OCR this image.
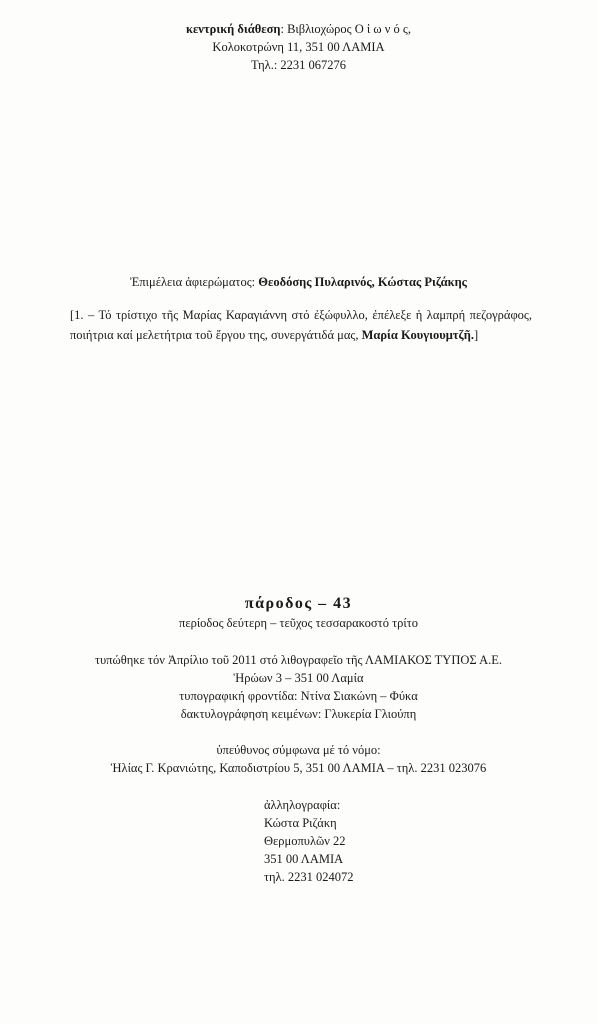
κεντρική διάθεση: Βιβλιοχώρος Ο ἰ ω ν ό ς,
Κολοκοτρώνη 11, 351 00 ΛΑΜΙΑ
Τηλ.: 2231 067276
Ἐπιμέλεια ἀφιερώματος: Θεοδόσης Πυλαρινός, Κώστας Ριζάκης
[1. – Τό τρίστιχο τῆς Μαρίας Καραγιάννη στό ἐξώφυλλο, ἐπέλεξε ἡ λαμπρή πεζογράφος, ποιήτρια καί μελετήτρια τοῦ ἔργου της, συνεργάτιδά μας, Μαρία Κουγιουμτζῆ.]
πάροδος – 43
περίοδος δεύτερη – τεῦχος τεσσαρακοστό τρίτο
τυπώθηκε τόν Ἀπρίλιο τοῦ 2011 στό λιθογραφεῖο τῆς ΛΑΜΙΑΚΟΣ ΤΥΠΟΣ Α.Ε.
Ἡρώων 3 – 351 00 Λαμία
τυπογραφική φροντίδα: Ντίνα Σιακώνη – Φύκα
δακτυλογράφηση κειμένων: Γλυκερία Γλιούπη
ὑπεύθυνος σύμφωνα μέ τό νόμο:
Ἠλίας Γ. Κρανιώτης, Καποδιστρίου 5, 351 00 ΛΑΜΙΑ – τηλ. 2231 023076
ἀλληλογραφία:
Κώστα Ριζάκη
Θερμοπυλῶν 22
351 00 ΛΑΜΙΑ
τηλ. 2231 024072
